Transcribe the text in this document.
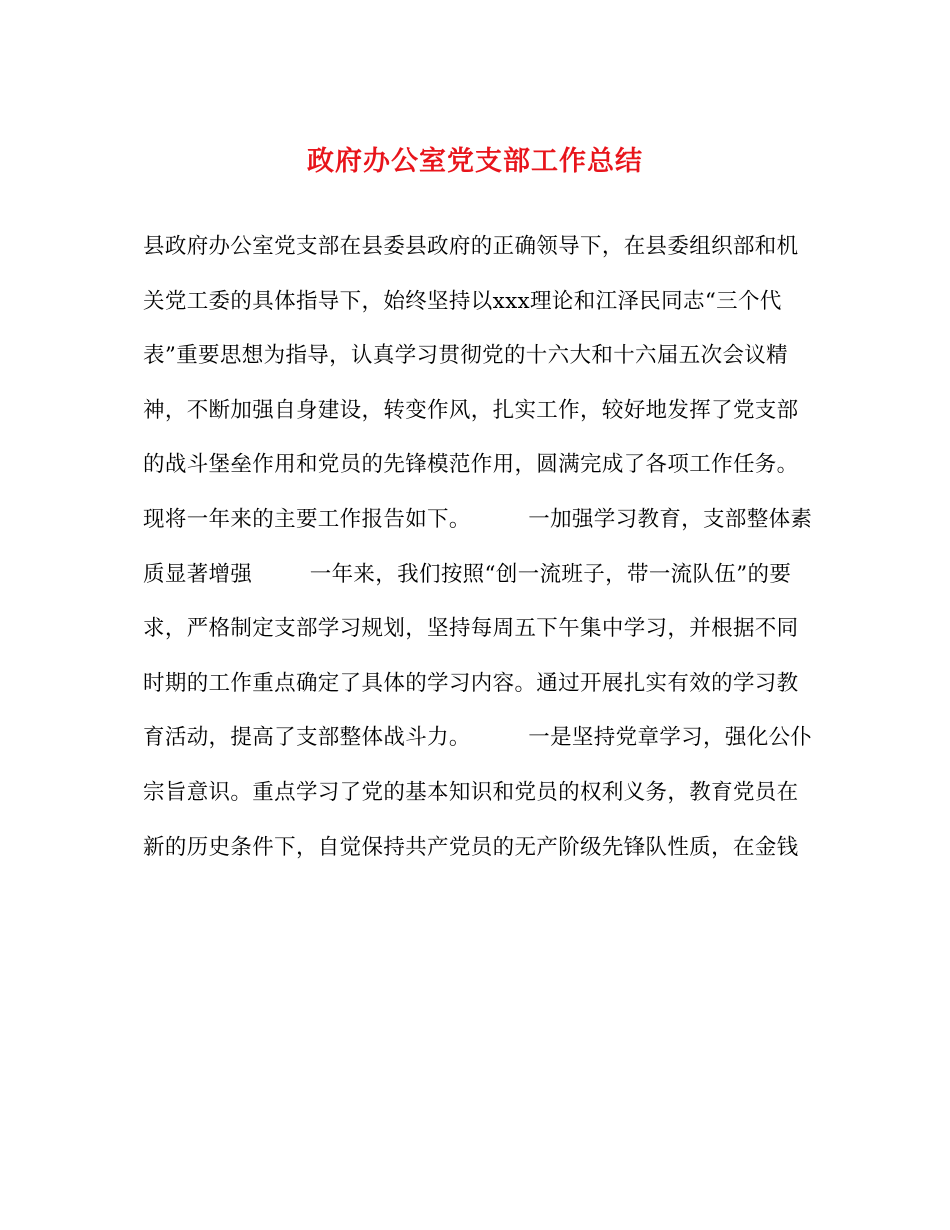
政府办公室党支部工作总结
县政府办公室党支部在县委县政府的正确领导下，在县委组织部和机
关党工委的具体指导下，始终坚持以xxx理论和江泽民同志“三个代
表”重要思想为指导，认真学习贯彻党的十六大和十六届五次会议精
神，不断加强自身建设，转变作风，扎实工作，较好地发挥了党支部
的战斗堡垒作用和党员的先锋模范作用，圆满完成了各项工作任务。
现将一年来的主要工作报告如下。        一加强学习教育，支部整体素
质显著增强        一年来，我们按照“创一流班子，带一流队伍”的要
求，严格制定支部学习规划，坚持每周五下午集中学习，并根据不同
时期的工作重点确定了具体的学习内容。通过开展扎实有效的学习教
育活动，提高了支部整体战斗力。        一是坚持党章学习，强化公仆
宗旨意识。重点学习了党的基本知识和党员的权利义务，教育党员在
新的历史条件下，自觉保持共产党员的无产阶级先锋队性质，在金钱
